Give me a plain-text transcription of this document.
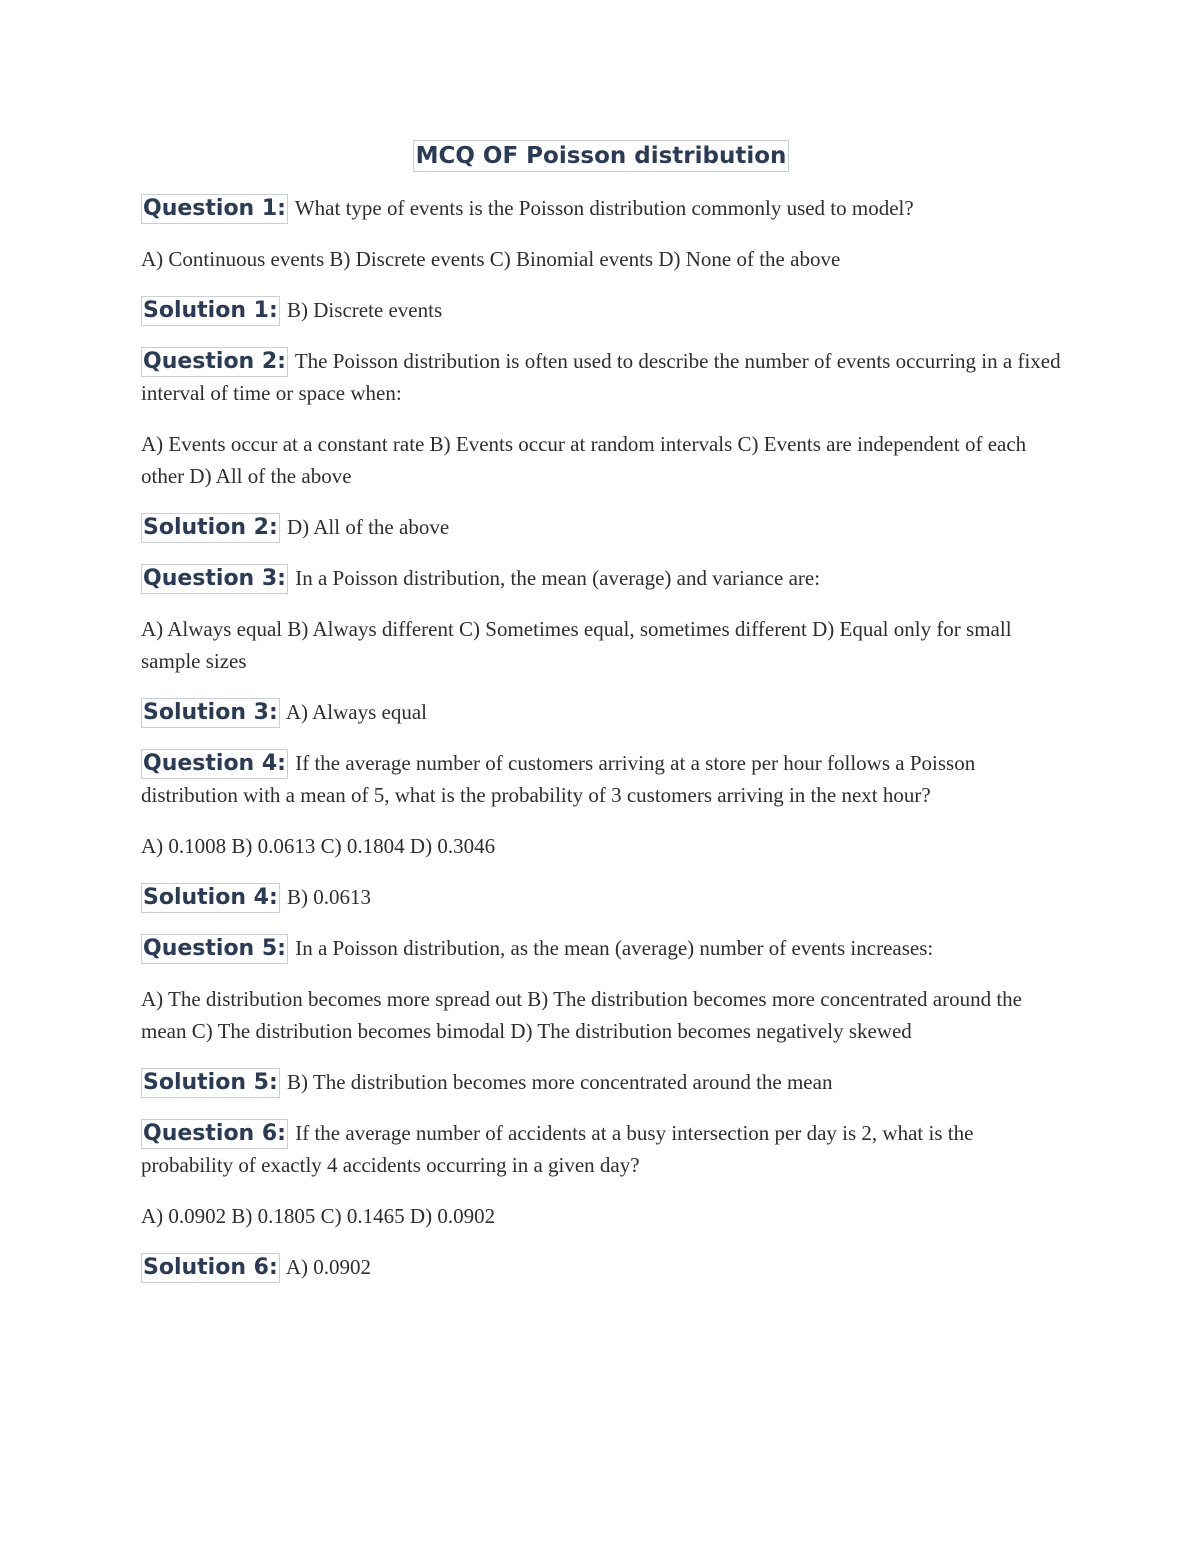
MCQ OF Poisson distribution

Question 1: What type of events is the Poisson distribution commonly used to model?

A) Continuous events B) Discrete events C) Binomial events D) None of the above

Solution 1: B) Discrete events

Question 2: The Poisson distribution is often used to describe the number of events occurring in a fixed interval of time or space when:

A) Events occur at a constant rate B) Events occur at random intervals C) Events are independent of each other D) All of the above

Solution 2: D) All of the above

Question 3: In a Poisson distribution, the mean (average) and variance are:

A) Always equal B) Always different C) Sometimes equal, sometimes different D) Equal only for small sample sizes

Solution 3: A) Always equal

Question 4: If the average number of customers arriving at a store per hour follows a Poisson distribution with a mean of 5, what is the probability of 3 customers arriving in the next hour?

A) 0.1008 B) 0.0613 C) 0.1804 D) 0.3046

Solution 4: B) 0.0613

Question 5: In a Poisson distribution, as the mean (average) number of events increases:

A) The distribution becomes more spread out B) The distribution becomes more concentrated around the mean C) The distribution becomes bimodal D) The distribution becomes negatively skewed

Solution 5: B) The distribution becomes more concentrated around the mean

Question 6: If the average number of accidents at a busy intersection per day is 2, what is the probability of exactly 4 accidents occurring in a given day?

A) 0.0902 B) 0.1805 C) 0.1465 D) 0.0902

Solution 6: A) 0.0902
